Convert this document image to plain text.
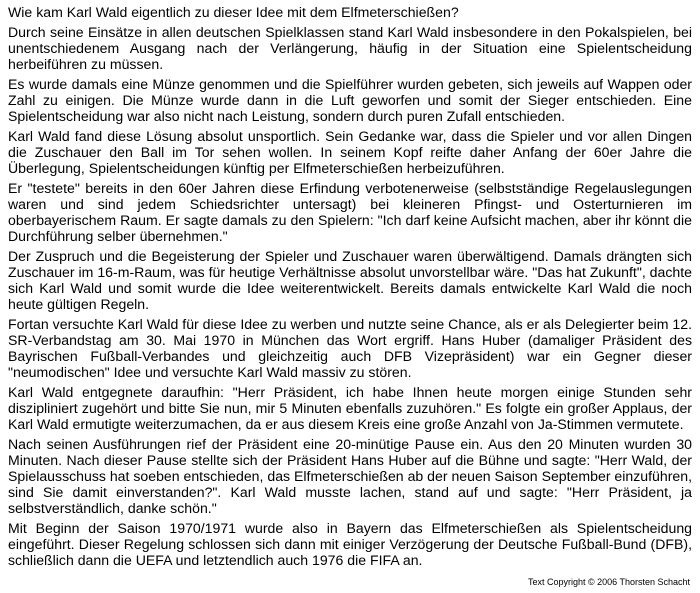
Wie kam Karl Wald eigentlich zu dieser Idee mit dem Elfmeterschießen?

Durch seine Einsätze in allen deutschen Spielklassen stand Karl Wald insbesondere in den Pokalspielen, bei unentschiedenem Ausgang nach der Verlängerung, häufig in der Situation eine Spielentscheidung herbeiführen zu müssen.

Es wurde damals eine Münze genommen und die Spielführer wurden gebeten, sich jeweils auf Wappen oder Zahl zu einigen. Die Münze wurde dann in die Luft geworfen und somit der Sieger entschieden. Eine Spielentscheidung war also nicht nach Leistung, sondern durch puren Zufall entschieden.

Karl Wald fand diese Lösung absolut unsportlich. Sein Gedanke war, dass die Spieler und vor allen Dingen die Zuschauer den Ball im Tor sehen wollen. In seinem Kopf reifte daher Anfang der 60er Jahre die Überlegung, Spielentscheidungen künftig per Elfmeterschießen herbeizuführen.

Er "testete" bereits in den 60er Jahren diese Erfindung verbotenerweise (selbstständige Regelauslegungen waren und sind jedem Schiedsrichter untersagt) bei kleineren Pfingst- und Osterturnieren im oberbayerischem Raum. Er sagte damals zu den Spielern: "Ich darf keine Aufsicht machen, aber ihr könnt die Durchführung selber übernehmen."

Der Zuspruch und die Begeisterung der Spieler und Zuschauer waren überwältigend. Damals drängten sich Zuschauer im 16-m-Raum, was für heutige Verhältnisse absolut unvorstellbar wäre. "Das hat Zukunft", dachte sich Karl Wald und somit wurde die Idee weiterentwickelt. Bereits damals entwickelte Karl Wald die noch heute gültigen Regeln.

Fortan versuchte Karl Wald für diese Idee zu werben und nutzte seine Chance, als er als Delegierter beim 12. SR-Verbandstag am 30. Mai 1970 in München das Wort ergriff. Hans Huber (damaliger Präsident des Bayrischen Fußball-Verbandes und gleichzeitig auch DFB Vizepräsident) war ein Gegner dieser "neumodischen" Idee und versuchte Karl Wald massiv zu stören.

Karl Wald entgegnete daraufhin: "Herr Präsident, ich habe Ihnen heute morgen einige Stunden sehr diszipliniert zugehört und bitte Sie nun, mir 5 Minuten ebenfalls zuzuhören." Es folgte ein großer Applaus, der Karl Wald ermutigte weiterzumachen, da er aus diesem Kreis eine große Anzahl von Ja-Stimmen vermutete.

Nach seinen Ausführungen rief der Präsident eine 20-minütige Pause ein. Aus den 20 Minuten wurden 30 Minuten. Nach dieser Pause stellte sich der Präsident Hans Huber auf die Bühne und sagte: "Herr Wald, der Spielausschuss hat soeben entschieden, das Elfmeterschießen ab der neuen Saison September einzuführen, sind Sie damit einverstanden?". Karl Wald musste lachen, stand auf und sagte: "Herr Präsident, ja selbstverständlich, danke schön."

Mit Beginn der Saison 1970/1971 wurde also in Bayern das Elfmeterschießen als Spielentscheidung eingeführt. Dieser Regelung schlossen sich dann mit einiger Verzögerung der Deutsche Fußball-Bund (DFB), schließlich dann die UEFA und letztendlich auch 1976 die FIFA an.

Text Copyright © 2006 Thorsten Schacht
